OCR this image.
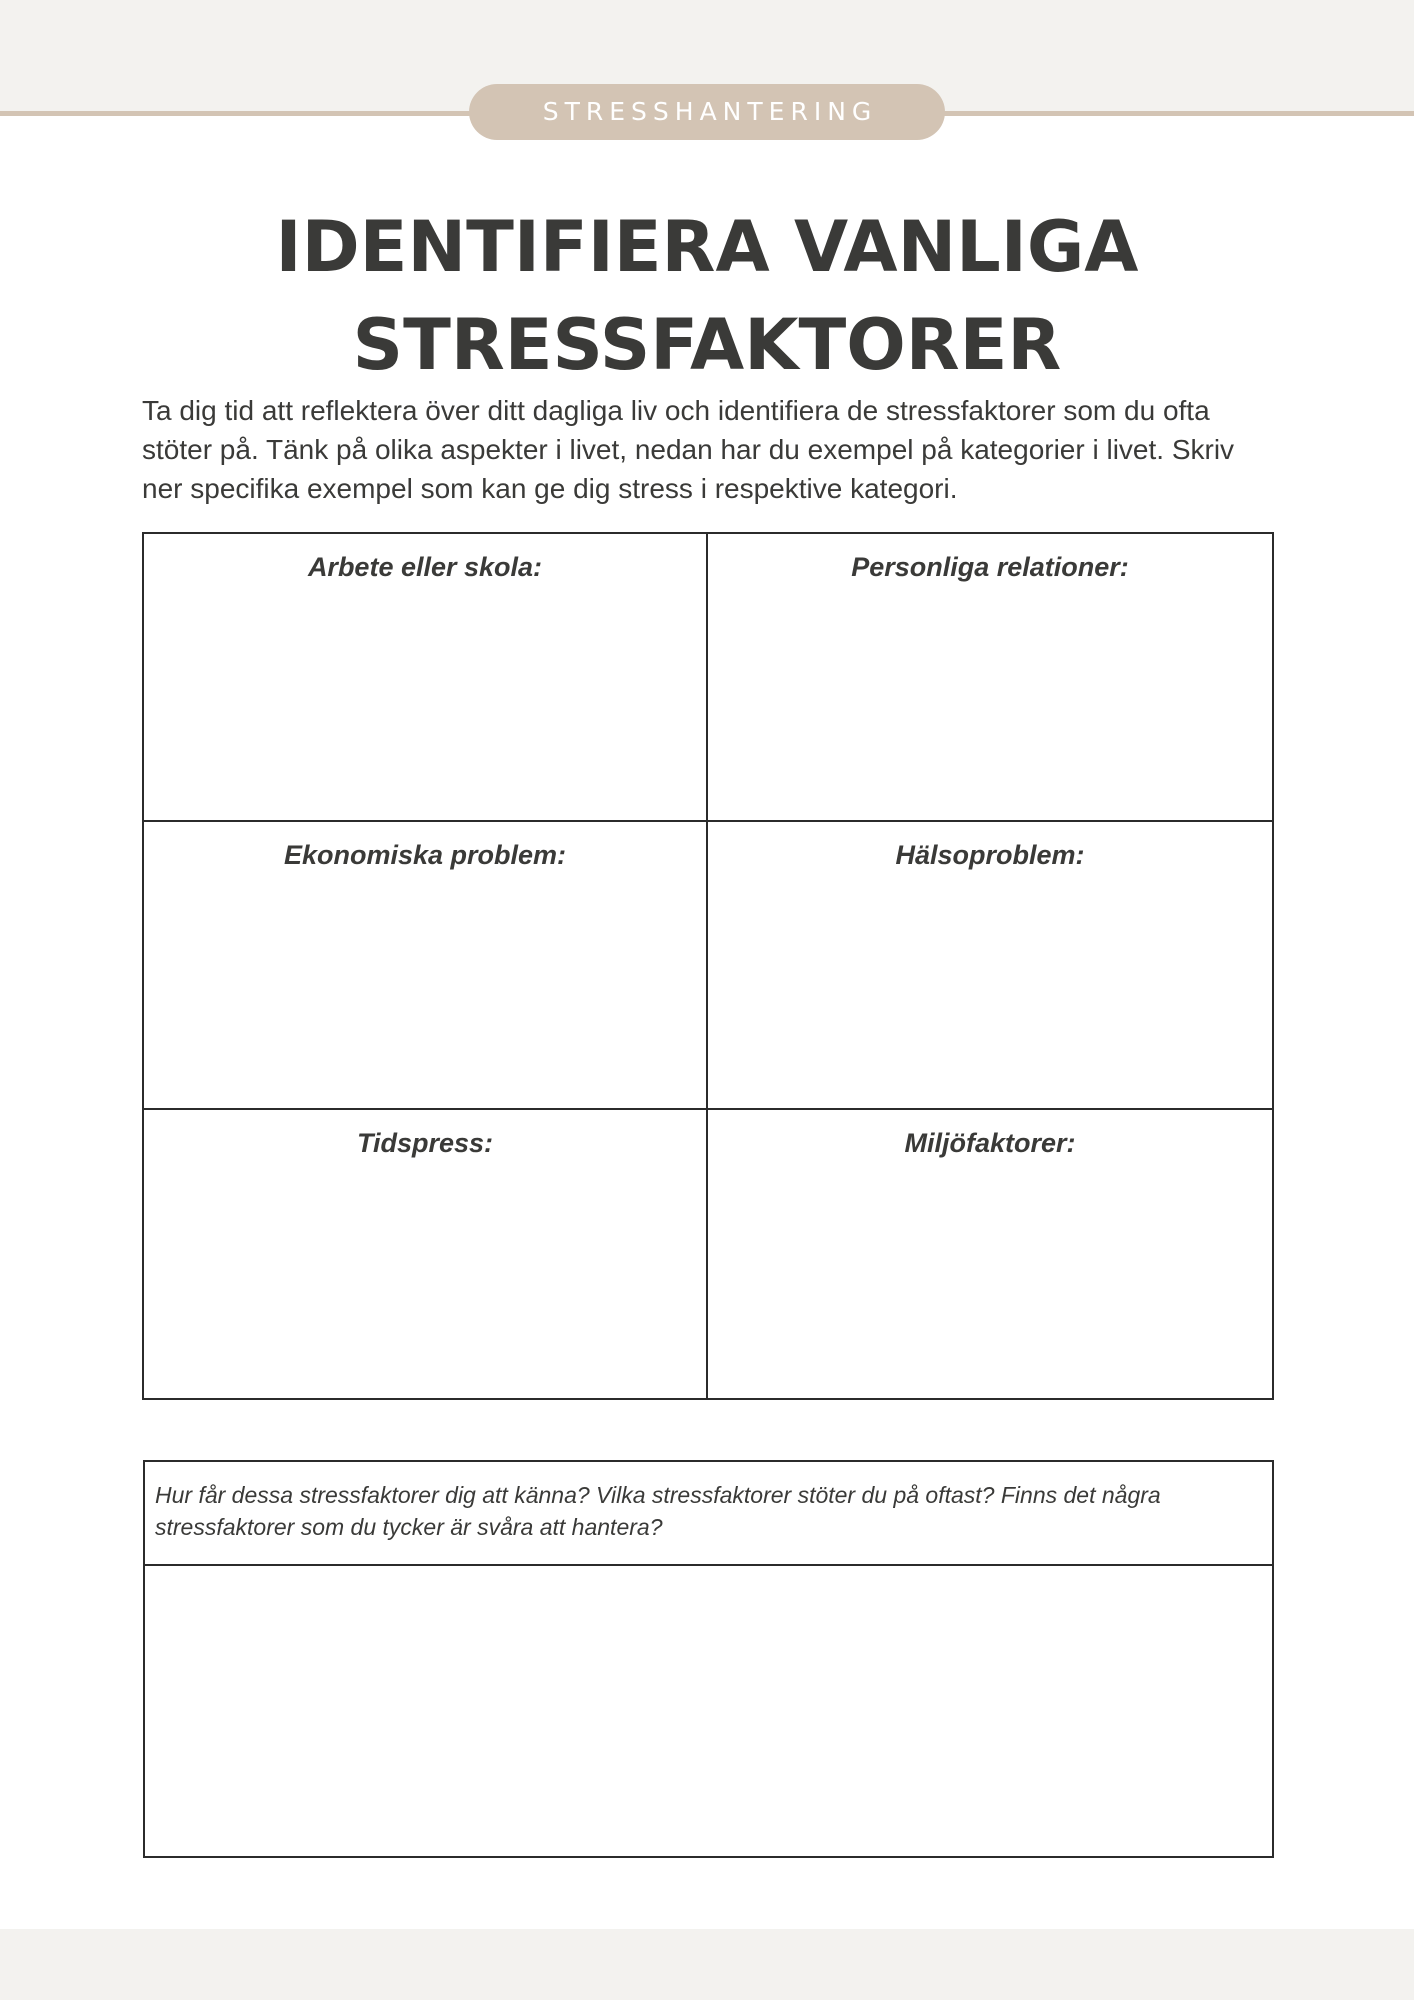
STRESSHANTERING
IDENTIFIERA VANLIGA
STRESSFAKTORER

Ta dig tid att reflektera över ditt dagliga liv och identifiera de stressfaktorer som du ofta stöter på. Tänk på olika aspekter i livet, nedan har du exempel på kategorier i livet. Skriv ner specifika exempel som kan ge dig stress i respektive kategori.

Arbete eller skola:	Personliga relationer:
Ekonomiska problem:	Hälsoproblem:
Tidspress:	Miljöfaktorer:
Hur får dessa stressfaktorer dig att känna? Vilka stressfaktorer stöter du på oftast? Finns det några stressfaktorer som du tycker är svåra att hantera?
